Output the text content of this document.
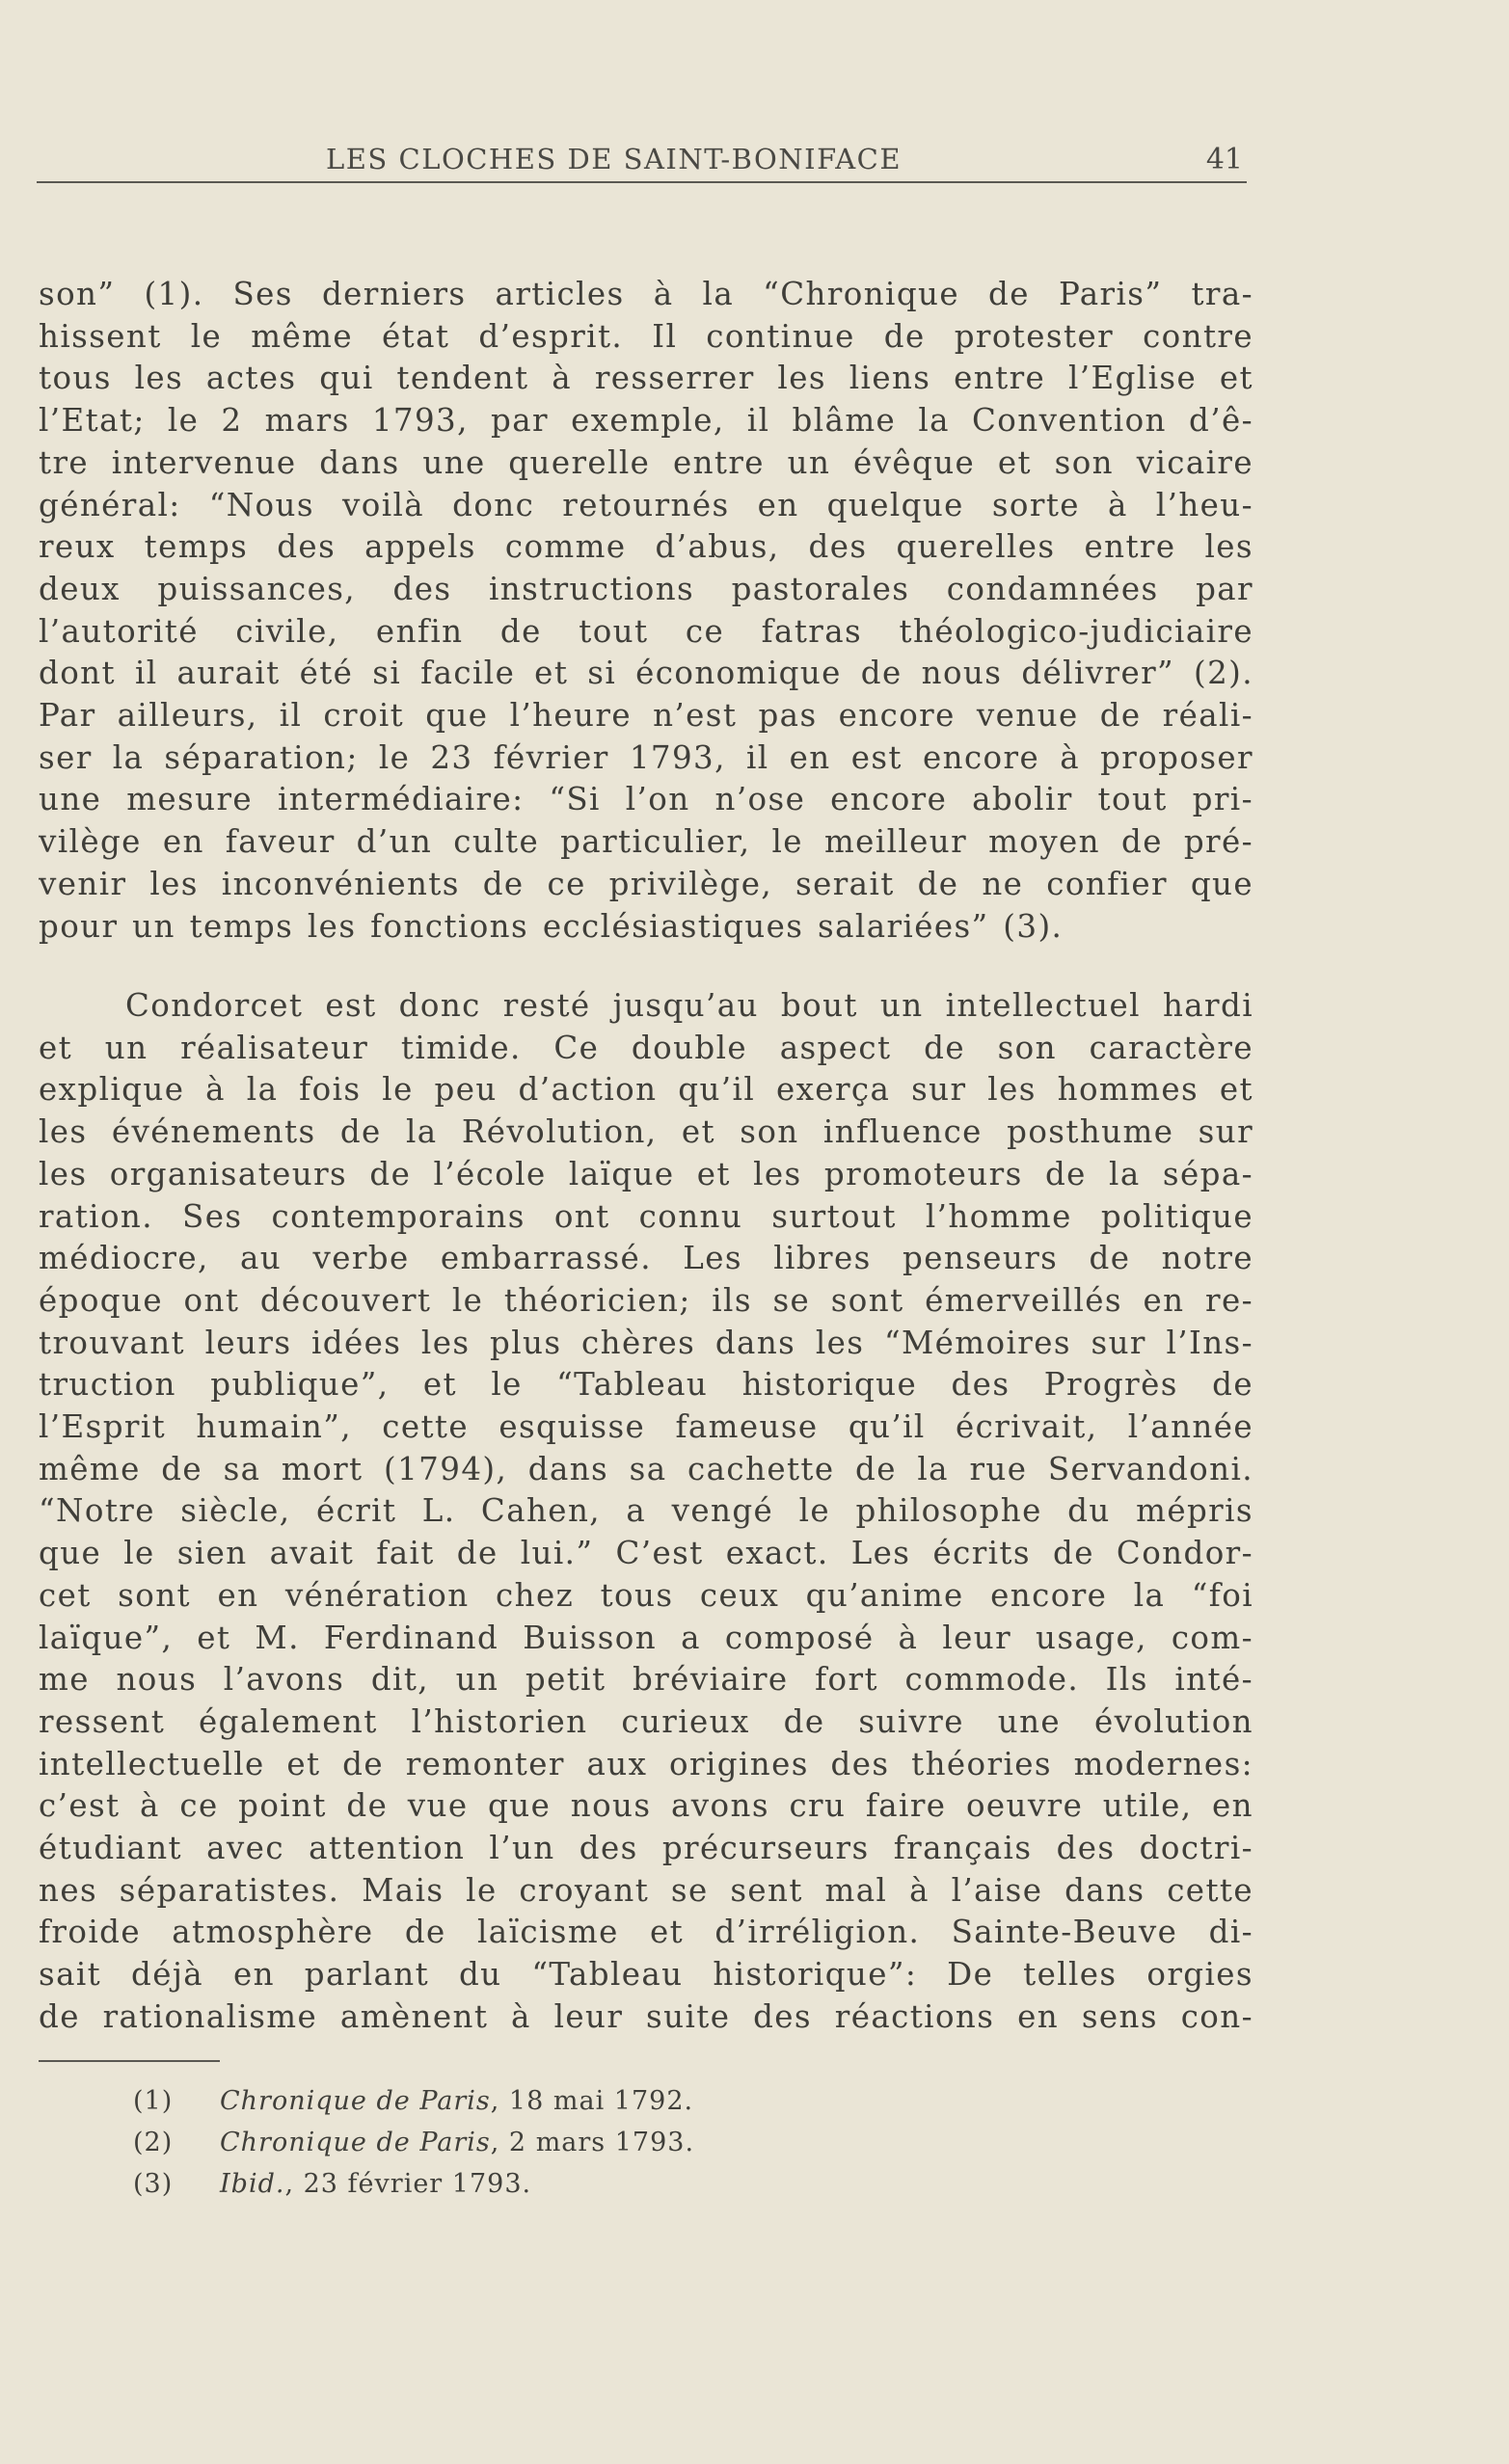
LES CLOCHES DE SAINT-BONIFACE	41
son” (1). Ses derniers articles à la “Chronique de Paris” tra-
hissent le même état d’esprit. Il continue de protester contre
tous les actes qui tendent à resserrer les liens entre l’Eglise et
l’Etat; le 2 mars 1793, par exemple, il blâme la Convention d’ê-
tre intervenue dans une querelle entre un évêque et son vicaire
général: “Nous voilà donc retournés en quelque sorte à l’heu-
reux temps des appels comme d’abus, des querelles entre les
deux puissances, des instructions pastorales condamnées par
l’autorité civile, enfin de tout ce fatras théologico-judiciaire
dont il aurait été si facile et si économique de nous délivrer” (2).
Par ailleurs, il croit que l’heure n’est pas encore venue de réali-
ser la séparation; le 23 février 1793, il en est encore à proposer
une mesure intermédiaire: “Si l’on n’ose encore abolir tout pri-
vilège en faveur d’un culte particulier, le meilleur moyen de pré-
venir les inconvénients de ce privilège, serait de ne confier que
pour un temps les fonctions ecclésiastiques salariées” (3).
Condorcet est donc resté jusqu’au bout un intellectuel hardi
et un réalisateur timide. Ce double aspect de son caractère
explique à la fois le peu d’action qu’il exerça sur les hommes et
les événements de la Révolution, et son influence posthume sur
les organisateurs de l’école laïque et les promoteurs de la sépa-
ration. Ses contemporains ont connu surtout l’homme politique
médiocre, au verbe embarrassé. Les libres penseurs de notre
époque ont découvert le théoricien; ils se sont émerveillés en re-
trouvant leurs idées les plus chères dans les “Mémoires sur l’Ins-
truction publique”, et le “Tableau historique des Progrès de
l’Esprit humain”, cette esquisse fameuse qu’il écrivait, l’année
même de sa mort (1794), dans sa cachette de la rue Servandoni.
“Notre siècle, écrit L. Cahen, a vengé le philosophe du mépris
que le sien avait fait de lui.” C’est exact. Les écrits de Condor-
cet sont en vénération chez tous ceux qu’anime encore la “foi
laïque”, et M. Ferdinand Buisson a composé à leur usage, com-
me nous l’avons dit, un petit bréviaire fort commode. Ils inté-
ressent également l’historien curieux de suivre une évolution
intellectuelle et de remonter aux origines des théories modernes:
c’est à ce point de vue que nous avons cru faire oeuvre utile, en
étudiant avec attention l’un des précurseurs français des doctri-
nes séparatistes. Mais le croyant se sent mal à l’aise dans cette
froide atmosphère de laïcisme et d’irréligion. Sainte-Beuve di-
sait déjà en parlant du “Tableau historique”: De telles orgies
de rationalisme amènent à leur suite des réactions en sens con-
(1) Chronique de Paris, 18 mai 1792.
(2) Chronique de Paris, 2 mars 1793.
(3) Ibid., 23 février 1793.
